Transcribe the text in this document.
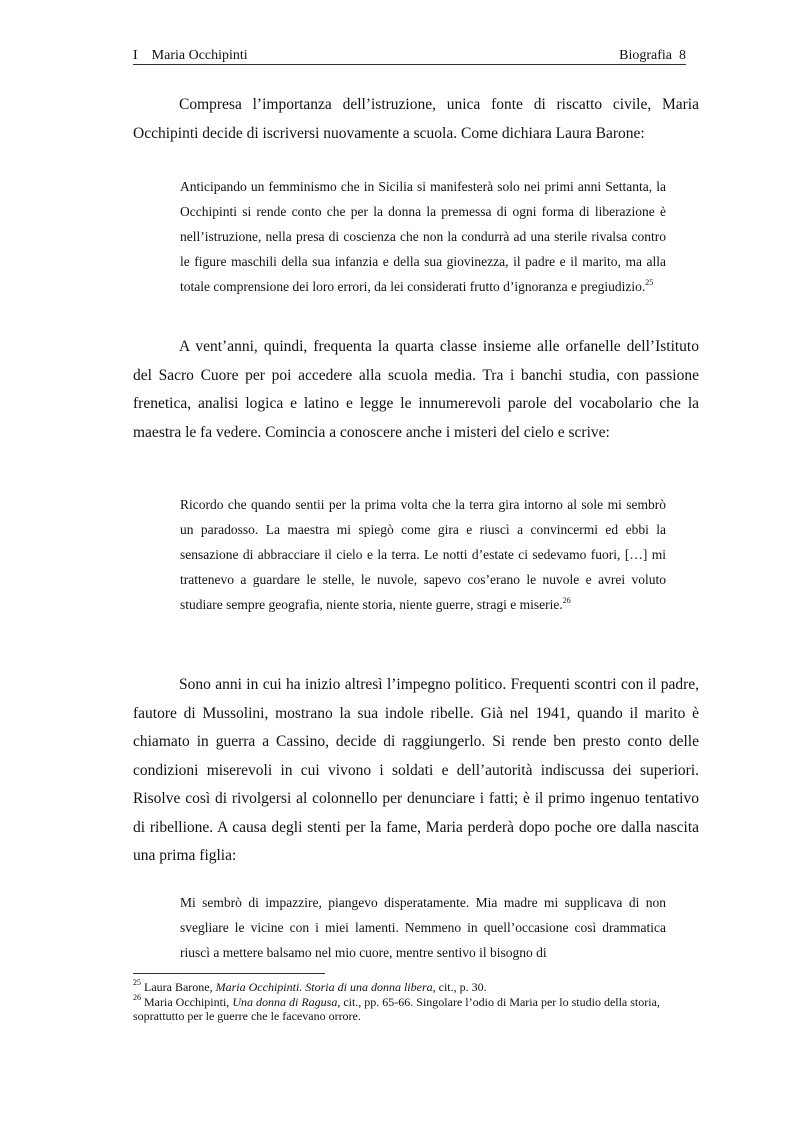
I    Maria Occhipinti	Biografia  8

Compresa l’importanza dell’istruzione, unica fonte di riscatto civile, Maria Occhipinti decide di iscriversi nuovamente a scuola. Come dichiara Laura Barone:

Anticipando un femminismo che in Sicilia si manifesterà solo nei primi anni Settanta, la Occhipinti si rende conto che per la donna la premessa di ogni forma di liberazione è nell’istruzione, nella presa di coscienza che non la condurrà ad una sterile rivalsa contro le figure maschili della sua infanzia e della sua giovinezza, il padre e il marito, ma alla totale comprensione dei loro errori, da lei considerati frutto d’ignoranza e pregiudizio.$^{25}$

A vent’anni, quindi, frequenta la quarta classe insieme alle orfanelle dell’Istituto del Sacro Cuore per poi accedere alla scuola media. Tra i banchi studia, con passione frenetica, analisi logica e latino e legge le innumerevoli parole del vocabolario che la maestra le fa vedere. Comincia a conoscere anche i misteri del cielo e scrive:

Ricordo che quando sentii per la prima volta che la terra gira intorno al sole mi sembrò un paradosso. La maestra mi spiegò come gira e riuscì a convincermi ed ebbi la sensazione di abbracciare il cielo e la terra. Le notti d’estate ci sedevamo fuori, […] mi trattenevo a guardare le stelle, le nuvole, sapevo cos’erano le nuvole e avrei voluto studiare sempre geografia, niente storia, niente guerre, stragi e miserie.$^{26}$

Sono anni in cui ha inizio altresì l’impegno politico. Frequenti scontri con il padre, fautore di Mussolini, mostrano la sua indole ribelle. Già nel 1941, quando il marito è chiamato in guerra a Cassino, decide di raggiungerlo. Si rende ben presto conto delle condizioni miserevoli in cui vivono i soldati e dell’autorità indiscussa dei superiori. Risolve così di rivolgersi al colonnello per denunciare i fatti; è il primo ingenuo tentativo di ribellione. A causa degli stenti per la fame, Maria perderà dopo poche ore dalla nascita una prima figlia:

Mi sembrò di impazzire, piangevo disperatamente. Mia madre mi supplicava di non svegliare le vicine con i miei lamenti. Nemmeno in quell’occasione così drammatica riuscì a mettere balsamo nel mio cuore, mentre sentivo il bisogno di

$^{25}$ Laura Barone, Maria Occhipinti. Storia di una donna libera, cit., p. 30.

$^{26}$ Maria Occhipinti, Una donna di Ragusa, cit., pp. 65-66. Singolare l’odio di Maria per lo studio della storia, soprattutto per le guerre che le facevano orrore.
